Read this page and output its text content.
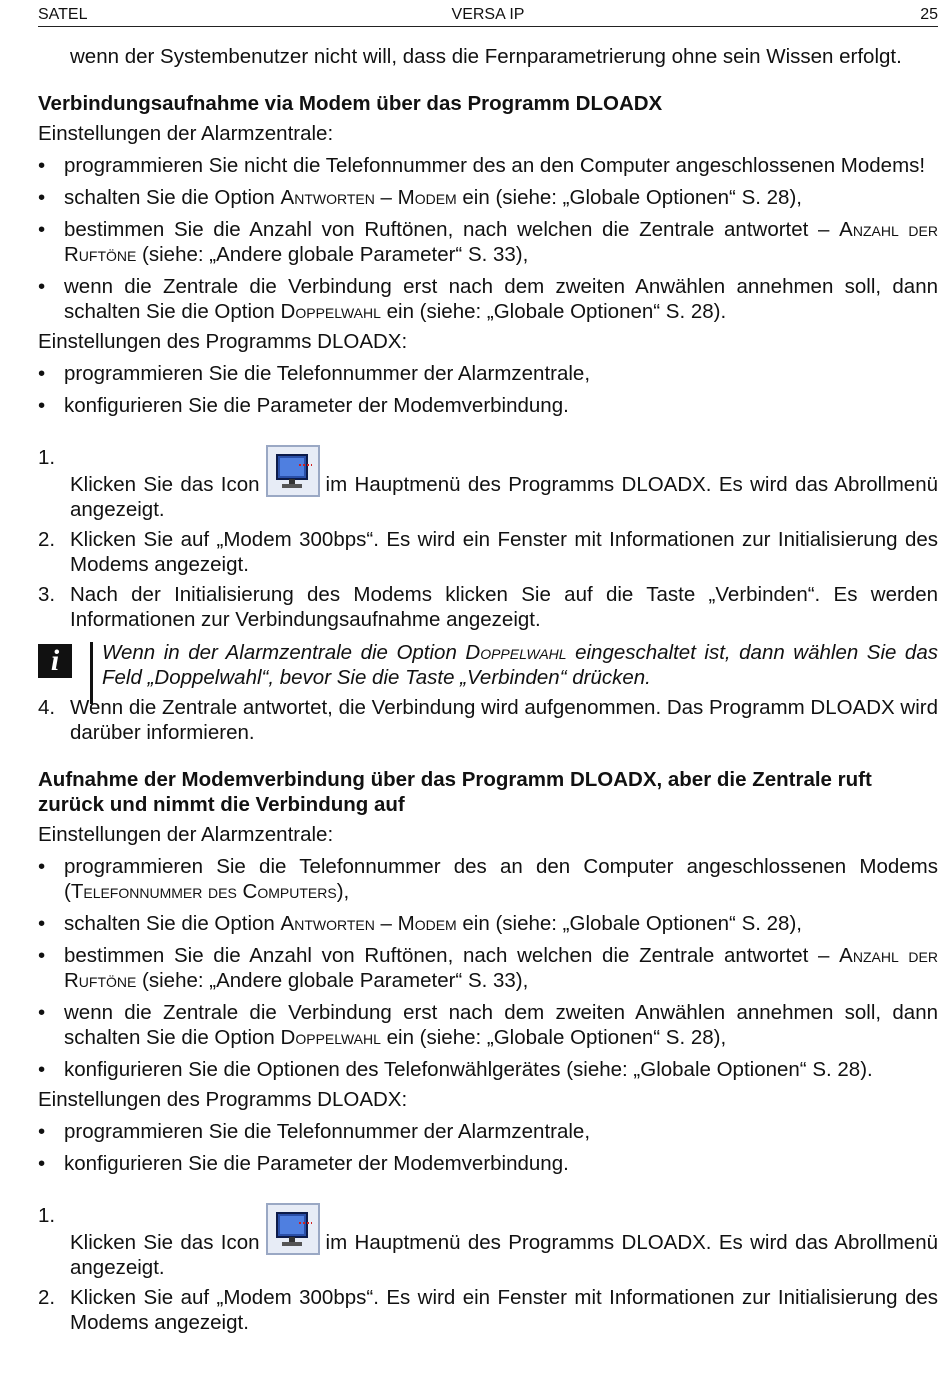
SATEL	VERSA IP	25

wenn der Systembenutzer nicht will, dass die Fernparametrierung ohne sein Wissen erfolgt.

Verbindungsaufnahme via Modem über das Programm DLOADX

Einstellungen der Alarmzentrale:

• programmieren Sie nicht die Telefonnummer des an den Computer angeschlossenen Modems!
• schalten Sie die Option Antworten – Modem ein (siehe: „Globale Optionen“ S. 28),
• bestimmen Sie die Anzahl von Ruftönen, nach welchen die Zentrale antwortet – Anzahl der Ruftöne (siehe: „Andere globale Parameter“ S. 33),
• wenn die Zentrale die Verbindung erst nach dem zweiten Anwählen annehmen soll, dann schalten Sie die Option Doppelwahl ein (siehe: „Globale Optionen“ S. 28).

Einstellungen des Programms DLOADX:

• programmieren Sie die Telefonnummer der Alarmzentrale,
• konfigurieren Sie die Parameter der Modemverbindung.
1.
Klicken Sie das Icon	im Hauptmenü des Programms DLOADX. Es wird das Abrollmenü angezeigt.
2. Klicken Sie auf „Modem 300bps“. Es wird ein Fenster mit Informationen zur Initialisierung des Modems angezeigt.
3. Nach der Initialisierung des Modems klicken Sie auf die Taste „Verbinden“. Es werden Informationen zur Verbindungsaufnahme angezeigt.
i	Wenn in der Alarmzentrale die Option Doppelwahl eingeschaltet ist, dann wählen Sie das Feld „Doppelwahl“, bevor Sie die Taste „Verbinden“ drücken.
4. Wenn die Zentrale antwortet, die Verbindung wird aufgenommen. Das Programm DLOADX wird darüber informieren.

Aufnahme der Modemverbindung über das Programm DLOADX, aber die Zentrale ruft zurück und nimmt die Verbindung auf

Einstellungen der Alarmzentrale:

• programmieren Sie die Telefonnummer des an den Computer angeschlossenen Modems (Telefonnummer des Computers),
• schalten Sie die Option Antworten – Modem ein (siehe: „Globale Optionen“ S. 28),
• bestimmen Sie die Anzahl von Ruftönen, nach welchen die Zentrale antwortet – Anzahl der Ruftöne (siehe: „Andere globale Parameter“ S. 33),
• wenn die Zentrale die Verbindung erst nach dem zweiten Anwählen annehmen soll, dann schalten Sie die Option Doppelwahl ein (siehe: „Globale Optionen“ S. 28),
• konfigurieren Sie die Optionen des Telefonwählgerätes (siehe: „Globale Optionen“ S. 28).

Einstellungen des Programms DLOADX:

• programmieren Sie die Telefonnummer der Alarmzentrale,
• konfigurieren Sie die Parameter der Modemverbindung.
1.
Klicken Sie das Icon	im Hauptmenü des Programms DLOADX. Es wird das Abrollmenü angezeigt.
2. Klicken Sie auf „Modem 300bps“. Es wird ein Fenster mit Informationen zur Initialisierung des Modems angezeigt.
